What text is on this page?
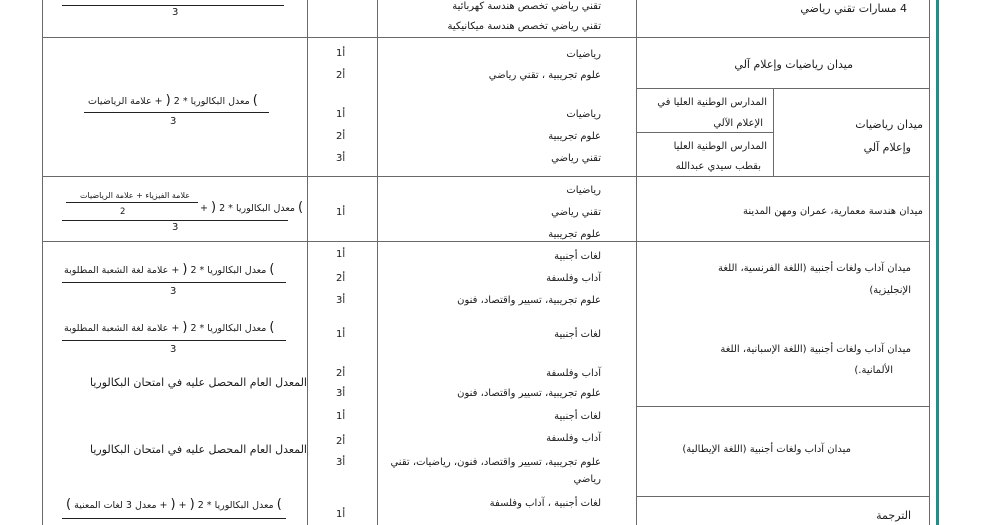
4 مسارات تقني رياضي
تقني رياضي تخصص هندسة كهربائية
تقني رياضي تخصص هندسة ميكانيكية
3
ميدان رياضيات وإعلام آلي
رياضيات
علوم تجريبية ، تقني رياضي
أ1
أ2
ميدان رياضيات
وإعلام آلي
المدارس الوطنية العليا في
الإعلام الآلي
المدارس الوطنية العليا
بقطب سيدي عبدالله
رياضيات
علوم تجريبية
تقني رياضي
أ1
أ2
أ3
) معدل البكالوريا * 2 ( + علامة الرياضيات
3
ميدان هندسة معمارية، عمران ومهن المدينة
رياضيات
تقني رياضي
علوم تجريبية
أ1
علامة الفيزياء + علامة الرياضيات
2	) معدل البكالوريا * 2 ( +
3
ميدان آداب ولغات أجنبية (اللغة الفرنسية، اللغة
الإنجليزية)
لغات أجنبية
آداب وفلسفة
علوم تجريبية، تسيير واقتصاد، فنون
أ1
أ2
أ3
) معدل البكالوريا * 2 ( + علامة لغة الشعبة المطلوبة
3
ميدان آداب ولغات أجنبية (اللغة الإسبانية، اللغة
الألمانية.)
لغات أجنبية
آداب وفلسفة
علوم تجريبية، تسيير واقتصاد، فنون
أ1
أ2
أ3
) معدل البكالوريا * 2 ( + علامة لغة الشعبة المطلوبة
3
المعدل العام المحصل عليه في امتحان البكالوريا
ميدان آداب ولغات أجنبية (اللغة الإيطالية)
لغات أجنبية
آداب وفلسفة
علوم تجريبية، تسيير واقتصاد، فنون، رياضيات، تقني
رياضي
أ1
أ2
أ3
المعدل العام المحصل عليه في امتحان البكالوريا
الترجمة
لغات أجنبية ، آداب وفلسفة
أ1
) معدل البكالوريا * 2 ( + ( + معدل 3 لغات المعنية )
